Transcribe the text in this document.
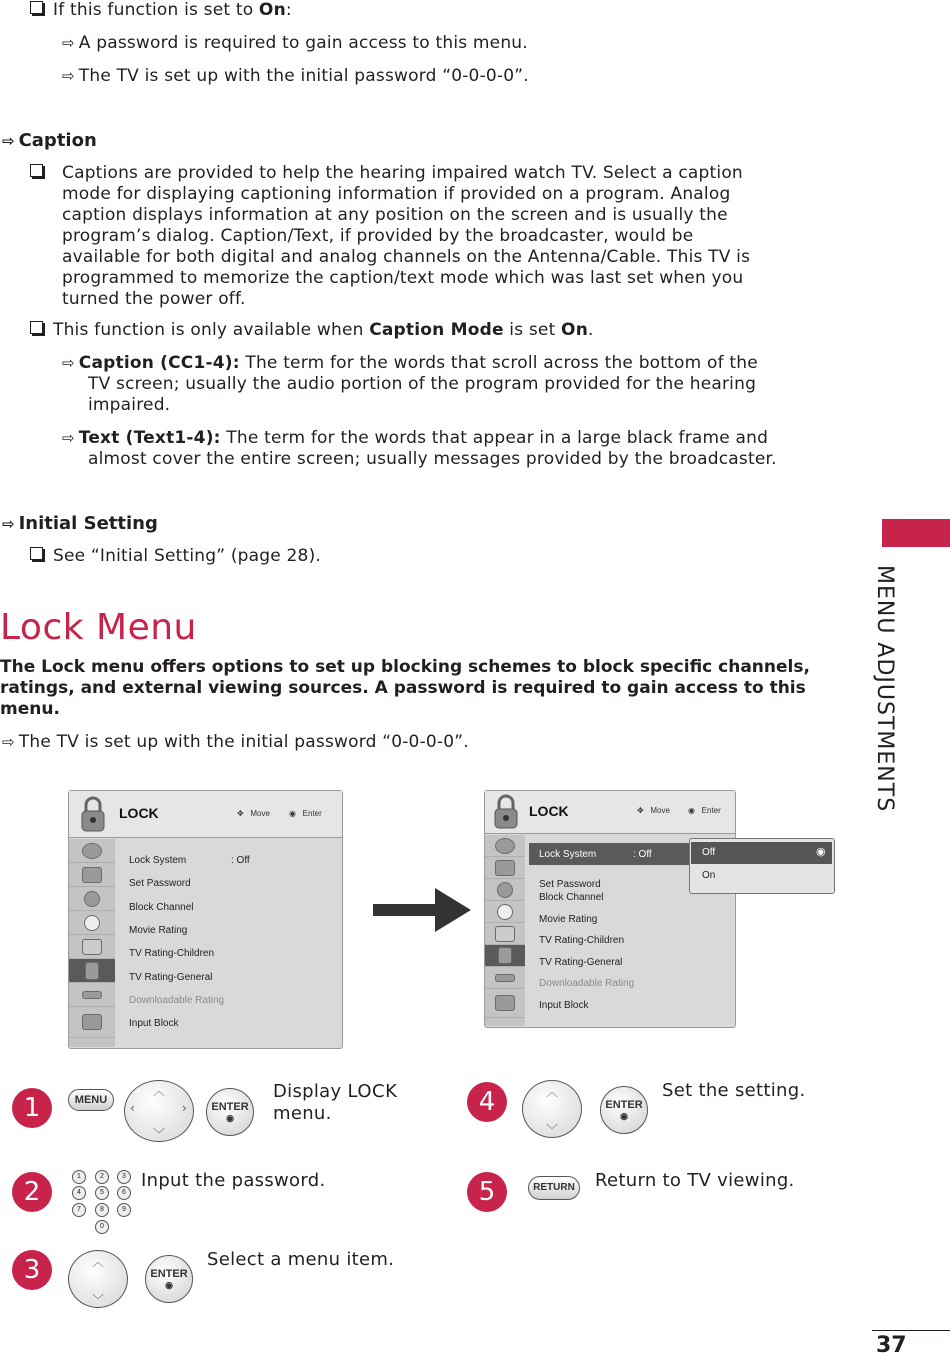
If this function is set to On:
⇨ A password is required to gain access to this menu.
⇨ The TV is set up with the initial password “0-0-0-0”.
⇨ Caption
Captions are provided to help the hearing impaired watch TV. Select a caption
mode for displaying captioning information if provided on a program. Analog
caption displays information at any position on the screen and is usually the
program’s dialog. Caption/Text, if provided by the broadcaster, would be
available for both digital and analog channels on the Antenna/Cable. This TV is
programmed to memorize the caption/text mode which was last set when you
turned the power off.
This function is only available when Caption Mode is set On.
⇨ Caption (CC1-4): The term for the words that scroll across the bottom of the
TV screen; usually the audio portion of the program provided for the hearing
impaired.
⇨ Text (Text1-4): The term for the words that appear in a large black frame and
almost cover the entire screen; usually messages provided by the broadcaster.
⇨ Initial Setting
See “Initial Setting” (page 28).
Lock Menu
The Lock menu offers options to set up blocking schemes to block specific channels,
ratings, and external viewing sources. A password is required to gain access to this
menu.
⇨ The TV is set up with the initial password “0-0-0-0”.
LOCK	✥ Move ◉ Enter
Lock System	: Off
Set Password
Block Channel
Movie Rating
TV Rating-Children
TV Rating-General
Downloadable Rating
Input Block
LOCK	✥ Move ◉ Enter
Lock System	: Off
Set Password
Block Channel
Movie Rating
TV Rating-Children
TV Rating-General
Downloadable Rating
Input Block
Off	◉
On
1	MENU
︿
﹀
‹	›	ENTER
◉
Display LOCK
menu.
2
1	2	3
4	5	6
7	8	9
0
Input the password.
3	︿
﹀
ENTER
◉
Select a menu item.
4	︿
﹀
ENTER
◉
Set the setting.
5	RETURN Return to TV viewing.
MENU ADJUSTMENTS
37
